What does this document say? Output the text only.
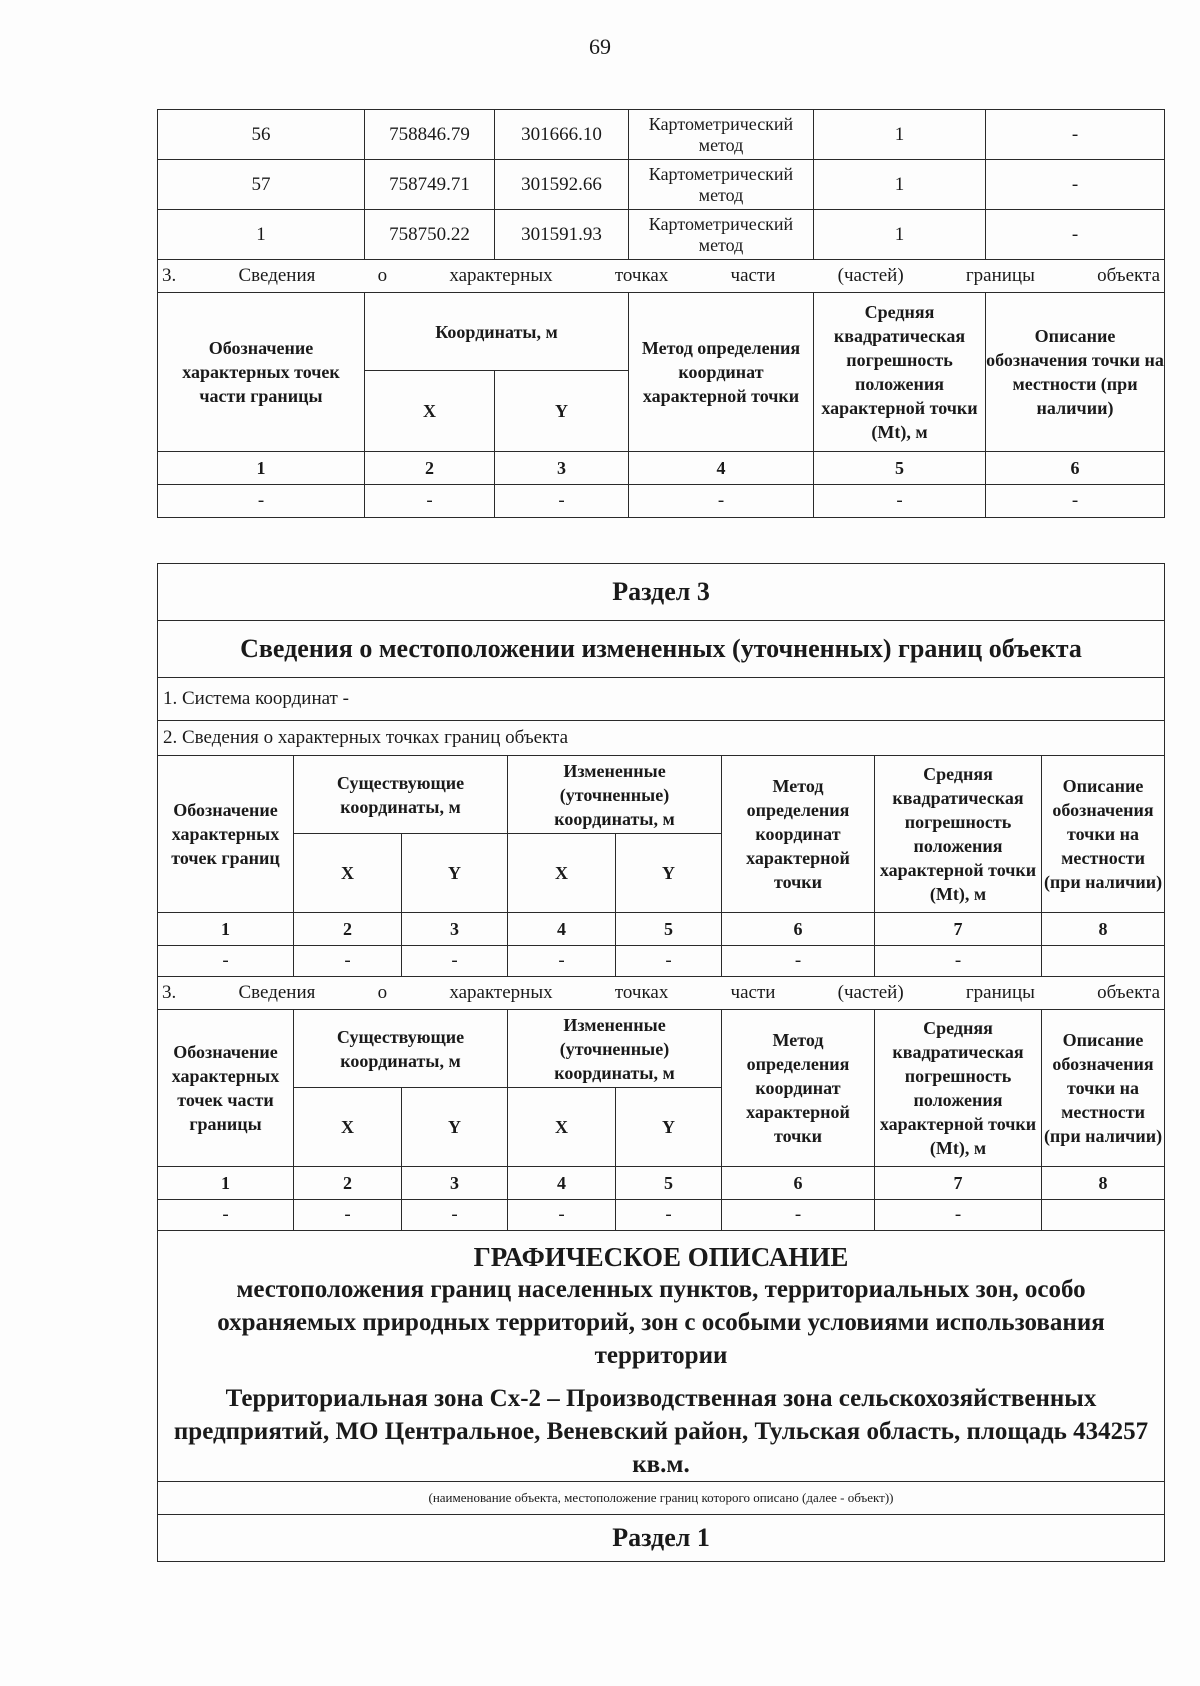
69
56	758846.79	301666.10	Картометрический метод	1	-
57	758749.71	301592.66	Картометрический метод	1	-
1	758750.22	301591.93	Картометрический метод	1	-
3. Сведения о характерных точках части (частей) границы объекта					
Обозначение характерных точек части границы	Координаты, м		Метод определения координат характерной точки	Средняя квадратическая погрешность положения характерной точки (Mt), м	Описание обозначения точки на местности (при наличии)
	X	Y			
1	2	3	4	5	6
-	-	-	-	-	-
Раздел 3							
Сведения о местоположении измененных (уточненных) границ объекта							
1. Система координат -							
2. Сведения о характерных точках границ объекта							
Обозначение характерных точек границ	Существующие координаты, м		Измененные (уточненные) координаты, м		Метод определения координат характерной точки	Средняя квадратическая погрешность положения характерной точки (Mt), м	Описание обозначения точки на местности (при наличии)
	X	Y	X	Y			
1	2	3	4	5	6	7	8
-	-	-	-	-	-	-	
3. Сведения о характерных точках части (частей) границы объекта							
Обозначение характерных точек части границы	Существующие координаты, м		Измененные (уточненные) координаты, м		Метод определения координат характерной точки	Средняя квадратическая погрешность положения характерной точки (Mt), м	Описание обозначения точки на местности (при наличии)
	X	Y	X	Y			
1	2	3	4	5	6	7	8
-	-	-	-	-	-	-	

ГРАФИЧЕСКОЕ ОПИСАНИЕ
местоположения границ населенных пунктов, территориальных зон, особо охраняемых природных территорий, зон с особыми условиями использования территории
Территориальная зона Сх-2 – Производственная зона сельскохозяйственных предприятий, МО Центральное, Веневский район, Тульская область, площадь 434257 кв.м.							

(наименование объекта, местоположение границ которого описано (далее - объект))							
Раздел 1							
